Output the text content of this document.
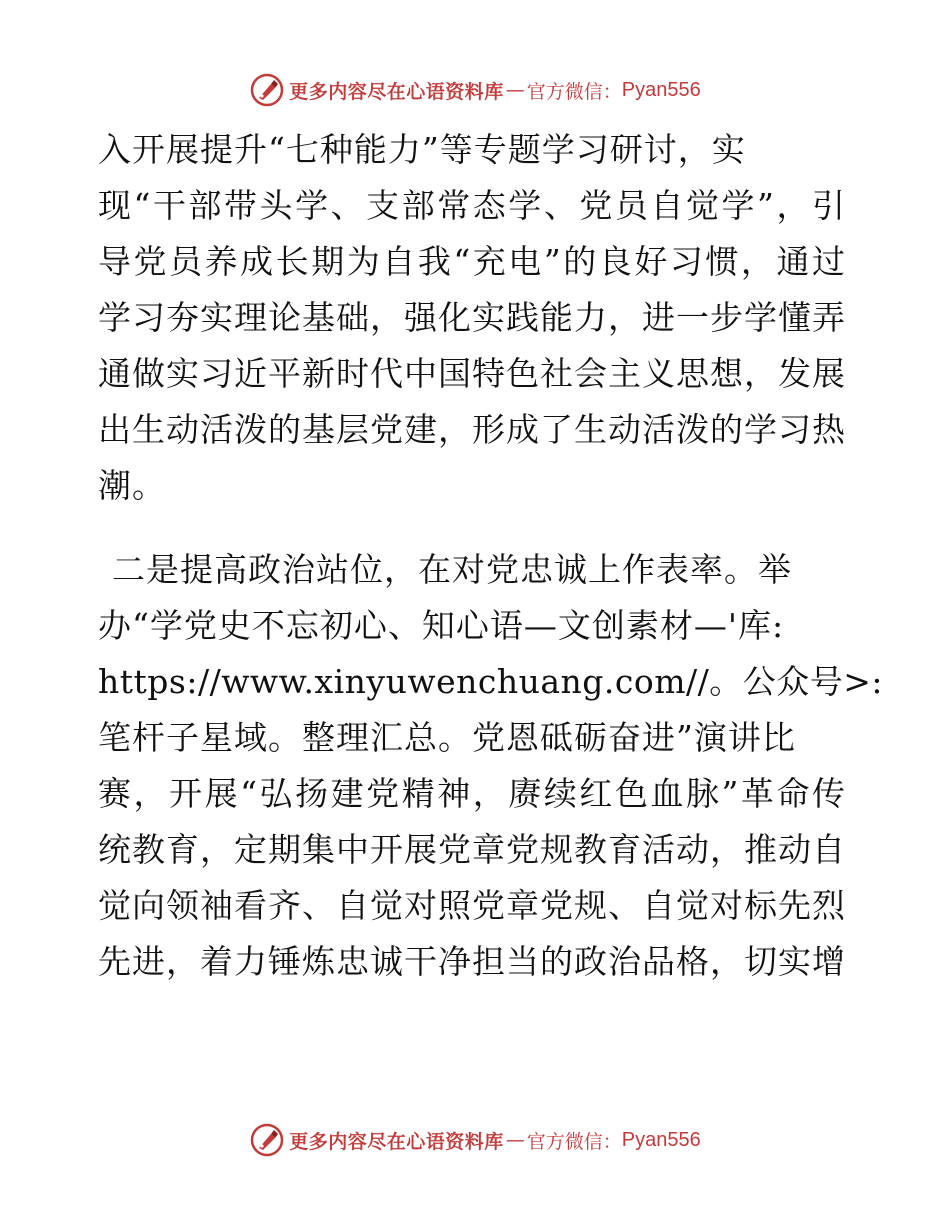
更多内容尽在心语资料库 — 官方微信： Pyan556
入开展提升“七种能力”等专题学习研讨，实
现“干部带头学、支部常态学、党员自觉学”，引
导党员养成长期为自我“充电”的良好习惯，通过
学习夯实理论基础，强化实践能力，进一步学懂弄
通做实习近平新时代中国特色社会主义思想，发展
出生动活泼的基层党建，形成了生动活泼的学习热
潮。
二是提高政治站位，在对党忠诚上作表率。举
办“学党史不忘初心、知心语—文创素材—'库:
https://www.xinyuwenchuang.com//。公众号>:
笔杆子星域。整理汇总。党恩砥砺奋进”演讲比
赛，开展“弘扬建党精神，赓续红色血脉”革命传
统教育，定期集中开展党章党规教育活动，推动自
觉向领袖看齐、自觉对照党章党规、自觉对标先烈
先进，着力锤炼忠诚干净担当的政治品格，切实增
更多内容尽在心语资料库 — 官方微信： Pyan556
